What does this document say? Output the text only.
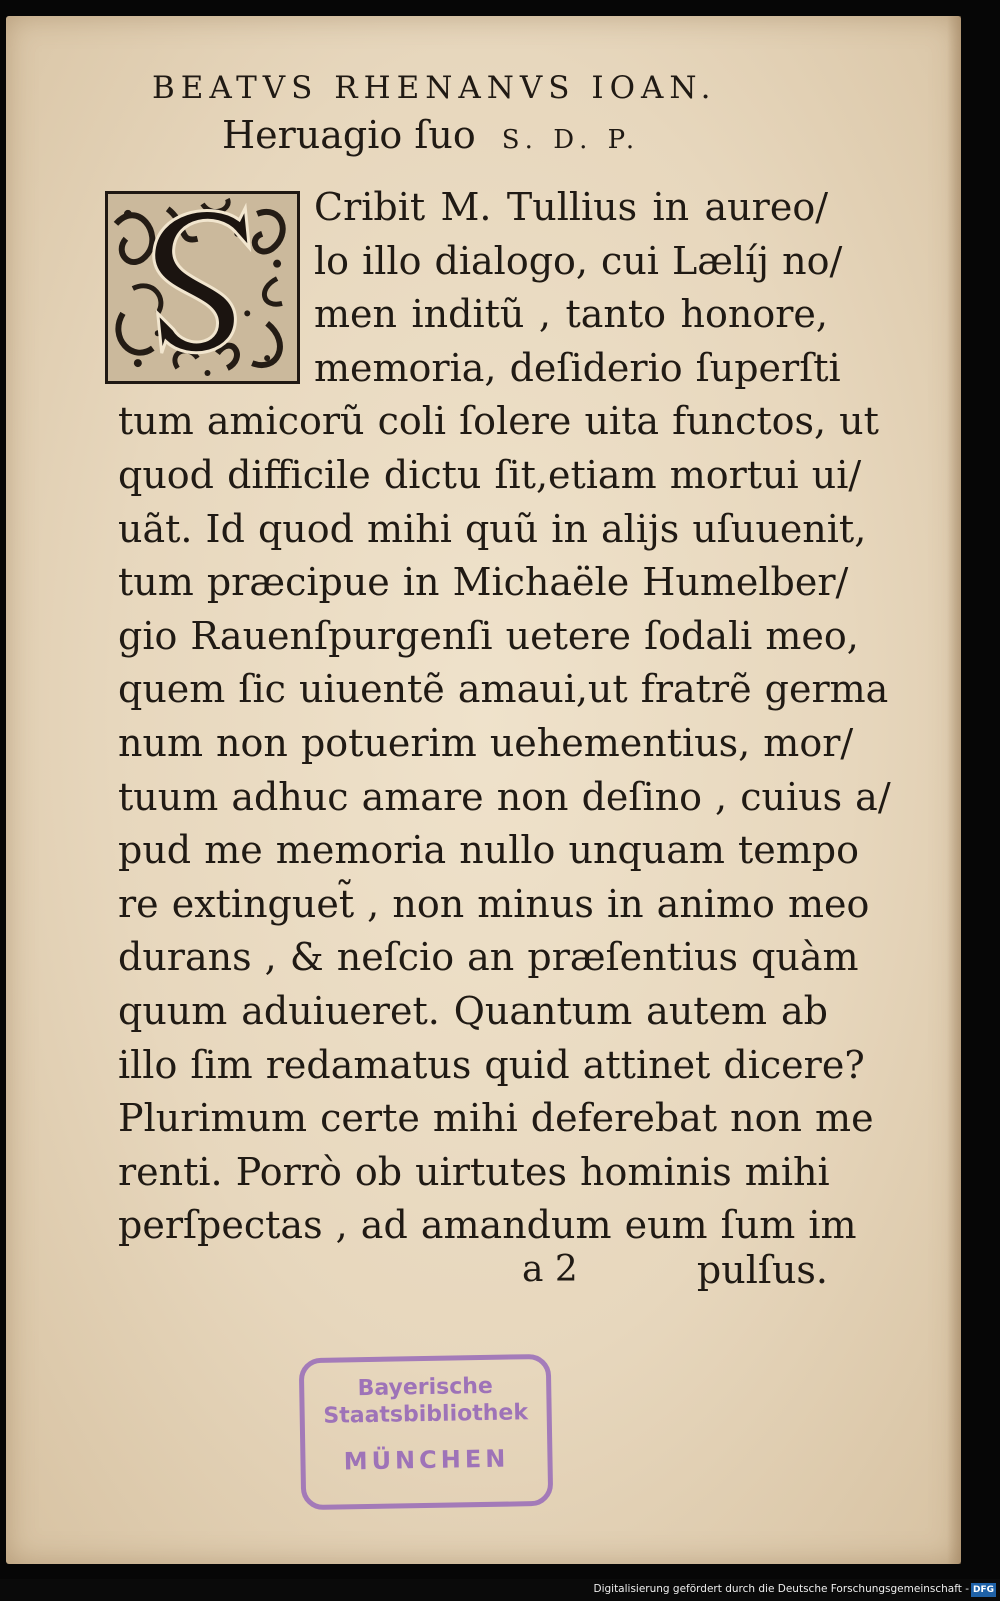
BEATVS RHENANVS IOAN.
Heruagio ſuo S. D. P.
Cribit M. Tullius in aureo/
lo illo dialogo, cui Lælíj no/
men inditũ , tanto honore,
memoria, deſiderio ſuperſti
tum amicorũ coli ſolere uita functos, ut
quod difficile dictu ſit,etiam mortui ui/
uãt. Id quod mihi quũ in alijs uſuuenit,
tum præcipue in Michaële Humelber/
gio Rauenſpurgenſi uetere ſodali meo,
quem ſic uiuentẽ amaui,ut fratrẽ germa
num non potuerim uehementius, mor/
tuum adhuc amare non deſino , cuius a/
pud me memoria nullo unquam tempo
re extinguet̃ , non minus in animo meo
durans , & neſcio an præſentius quàm
quum aduiueret. Quantum autem ab
illo ſim redamatus quid attinet dicere?
Plurimum certe mihi deferebat non me
renti. Porrò ob uirtutes hominis mihi
perſpectas , ad amandum eum ſum im
a 2	pulſus.
Bayerische
Staatsbibliothek
MÜNCHEN
Digitalisierung gefördert durch die Deutsche Forschungsgemeinschaft - DFG
